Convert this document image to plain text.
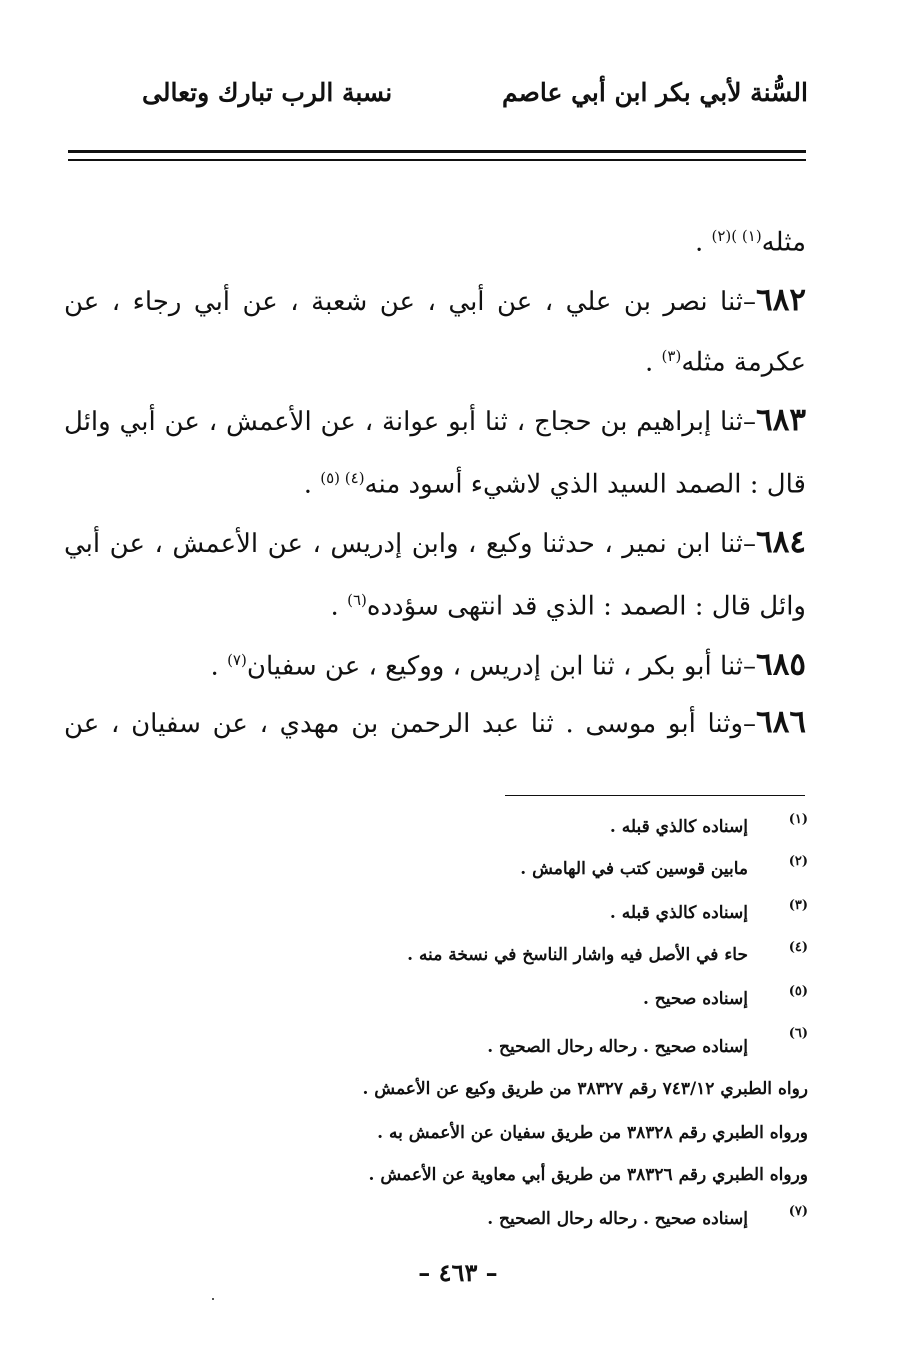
السُّنة لأبي بكر ابن أبي عاصم
نسبة الرب تبارك وتعالى
مثله$^{(١) )(٢)}$ .
٦٨٢–ثنا نصر بن علي ، عن أبي ، عن شعبة ، عن أبي رجاء ، عن
عكرمة مثله$^{(٣)}$ .
٦٨٣–ثنا إبراهيم بن حجاج ، ثنا أبو عوانة ، عن الأعمش ، عن أبي وائل
قال : الصمد السيد الذي لاشيء أسود منه$^{(٤) (٥)}$ .
٦٨٤–ثنا ابن نمير ، حدثنا وكيع ، وابن إدريس ، عن الأعمش ، عن أبي
وائل قال : الصمد : الذي قد انتهى سؤدده$^{(٦)}$ .
٦٨٥–ثنا أبو بكر ، ثنا ابن إدريس ، ووكيع ، عن سفيان$^{(٧)}$ .
٦٨٦–وثنا أبو موسى . ثنا عبد الرحمن بن مهدي ، عن سفيان ، عن
(١)
إسناده كالذي قبله .
(٢)
مابين قوسين كتب في الهامش .
(٣)
إسناده كالذي قبله .
(٤)
حاء في الأصل فيه واشار الناسخ في نسخة منه .
(٥)
إسناده صحيح .
(٦)
إسناده صحيح . رحاله رحال الصحيح .
رواه الطبري ٧٤٣/١٢ رقم ٣٨٣٢٧ من طريق وكيع عن الأعمش .
ورواه الطبري رقم ٣٨٣٢٨ من طريق سفيان عن الأعمش به .
ورواه الطبري رقم ٣٨٣٢٦ من طريق أبي معاوية عن الأعمش .
(٧)
إسناده صحيح . رحاله رحال الصحيح .
– ٤٦٣ –
